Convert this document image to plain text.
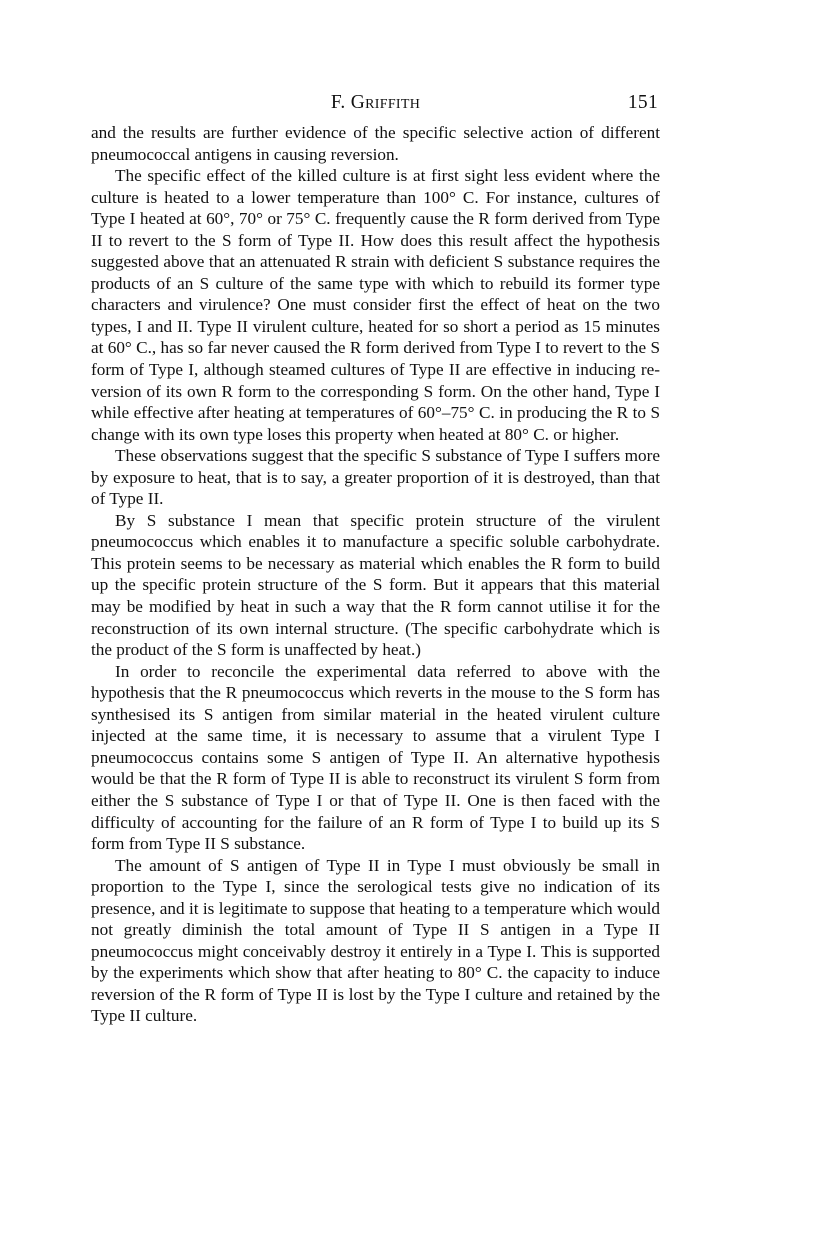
F. Griffith	151

and the results are further evidence of the specific selective action of different pneumococcal antigens in causing reversion.

The specific effect of the killed culture is at first sight less evident where the culture is heated to a lower temperature than 100° C. For instance, cultures of Type I heated at 60°, 70° or 75° C. frequently cause the R form derived from Type II to revert to the S form of Type II. How does this result affect the hypothesis suggested above that an attenuated R strain with deficient S substance requires the products of an S culture of the same type with which to rebuild its former type characters and virulence? One must consider first the effect of heat on the two types, I and II. Type II virulent culture, heated for so short a period as 15 minutes at 60° C., has so far never caused the R form derived from Type I to revert to the S form of Type I, although steamed cultures of Type II are effective in inducing reversion of its own R form to the corresponding S form. On the other hand, Type I while effective after heating at temperatures of 60°–75° C. in producing the R to S change with its own type loses this property when heated at 80° C. or higher.

These observations suggest that the specific S substance of Type I suffers more by exposure to heat, that is to say, a greater proportion of it is destroyed, than that of Type II.

By S substance I mean that specific protein structure of the virulent pneumococcus which enables it to manufacture a specific soluble carbohydrate. This protein seems to be necessary as material which enables the R form to build up the specific protein structure of the S form. But it appears that this material may be modified by heat in such a way that the R form cannot utilise it for the reconstruction of its own internal structure. (The specific carbohydrate which is the product of the S form is unaffected by heat.)

In order to reconcile the experimental data referred to above with the hypothesis that the R pneumococcus which reverts in the mouse to the S form has synthesised its S antigen from similar material in the heated virulent culture injected at the same time, it is necessary to assume that a virulent Type I pneumococcus contains some S antigen of Type II. An alternative hypothesis would be that the R form of Type II is able to reconstruct its virulent S form from either the S substance of Type I or that of Type II. One is then faced with the difficulty of accounting for the failure of an R form of Type I to build up its S form from Type II S substance.

The amount of S antigen of Type II in Type I must obviously be small in proportion to the Type I, since the serological tests give no indication of its presence, and it is legitimate to suppose that heating to a temperature which would not greatly diminish the total amount of Type II S antigen in a Type II pneumococcus might conceivably destroy it entirely in a Type I. This is supported by the experiments which show that after heating to 80° C. the capacity to induce reversion of the R form of Type II is lost by the Type I culture and retained by the Type II culture.
